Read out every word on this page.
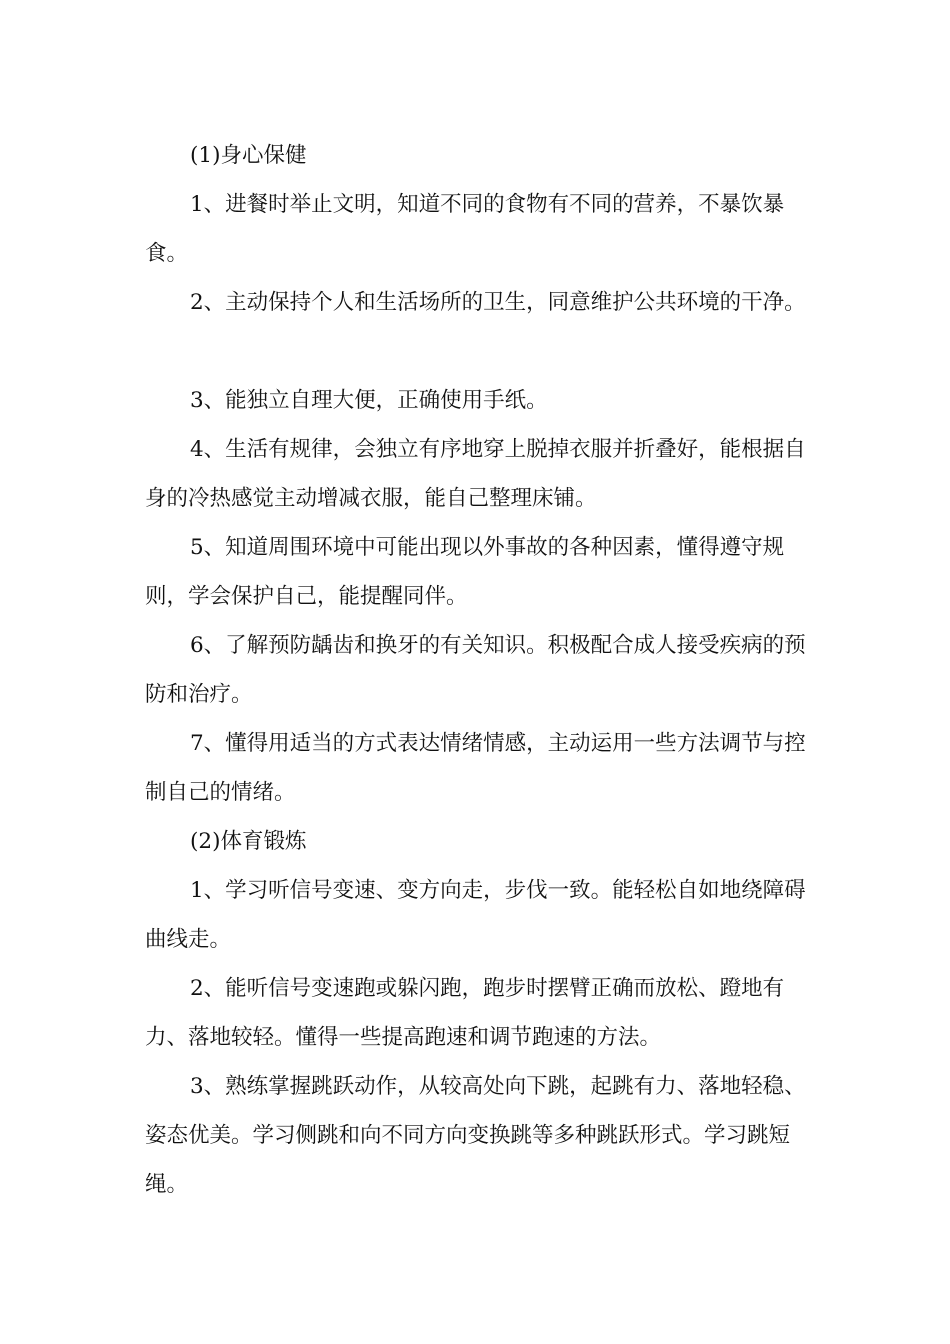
(1)身心保健

1、进餐时举止文明，知道不同的食物有不同的营养，不暴饮暴食。

2、主动保持个人和生活场所的卫生，同意维护公共环境的干净。

3、能独立自理大便，正确使用手纸。

4、生活有规律，会独立有序地穿上脱掉衣服并折叠好，能根据自身的冷热感觉主动增减衣服，能自己整理床铺。

5、知道周围环境中可能出现以外事故的各种因素，懂得遵守规则，学会保护自己，能提醒同伴。

6、了解预防龋齿和换牙的有关知识。积极配合成人接受疾病的预防和治疗。

7、懂得用适当的方式表达情绪情感，主动运用一些方法调节与控制自己的情绪。

(2)体育锻炼

1、学习听信号变速、变方向走，步伐一致。能轻松自如地绕障碍曲线走。

2、能听信号变速跑或躲闪跑，跑步时摆臂正确而放松、蹬地有力、落地较轻。懂得一些提高跑速和调节跑速的方法。

3、熟练掌握跳跃动作，从较高处向下跳，起跳有力、落地轻稳、姿态优美。学习侧跳和向不同方向变换跳等多种跳跃形式。学习跳短绳。
